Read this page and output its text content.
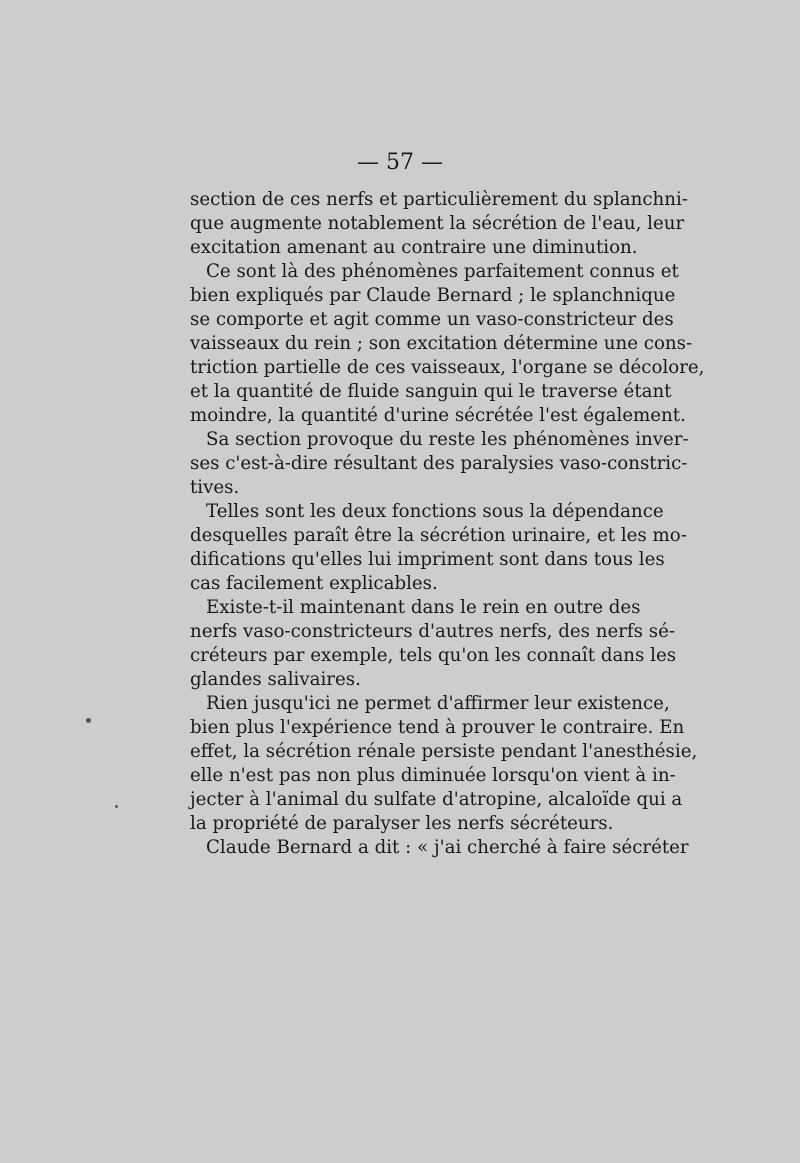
— 57 —
section de ces nerfs et particulièrement du splanchni-
que augmente notablement la sécrétion de l'eau, leur
excitation amenant au contraire une diminution.
Ce sont là des phénomènes parfaitement connus et
bien expliqués par Claude Bernard ; le splanchnique
se comporte et agit comme un vaso-constricteur des
vaisseaux du rein ; son excitation détermine une cons-
triction partielle de ces vaisseaux, l'organe se décolore,
et la quantité de fluide sanguin qui le traverse étant
moindre, la quantité d'urine sécrétée l'est également.
Sa section provoque du reste les phénomènes inver-
ses c'est-à-dire résultant des paralysies vaso-constric-
tives.
Telles sont les deux fonctions sous la dépendance
desquelles paraît être la sécrétion urinaire, et les mo-
difications qu'elles lui impriment sont dans tous les
cas facilement explicables.
Existe-t-il maintenant dans le rein en outre des
nerfs vaso-constricteurs d'autres nerfs, des nerfs sé-
créteurs par exemple, tels qu'on les connaît dans les
glandes salivaires.
Rien jusqu'ici ne permet d'affirmer leur existence,
bien plus l'expérience tend à prouver le contraire. En
effet, la sécrétion rénale persiste pendant l'anesthésie,
elle n'est pas non plus diminuée lorsqu'on vient à in-
jecter à l'animal du sulfate d'atropine, alcaloïde qui a
la propriété de paralyser les nerfs sécréteurs.
Claude Bernard a dit : « j'ai cherché à faire sécréter
